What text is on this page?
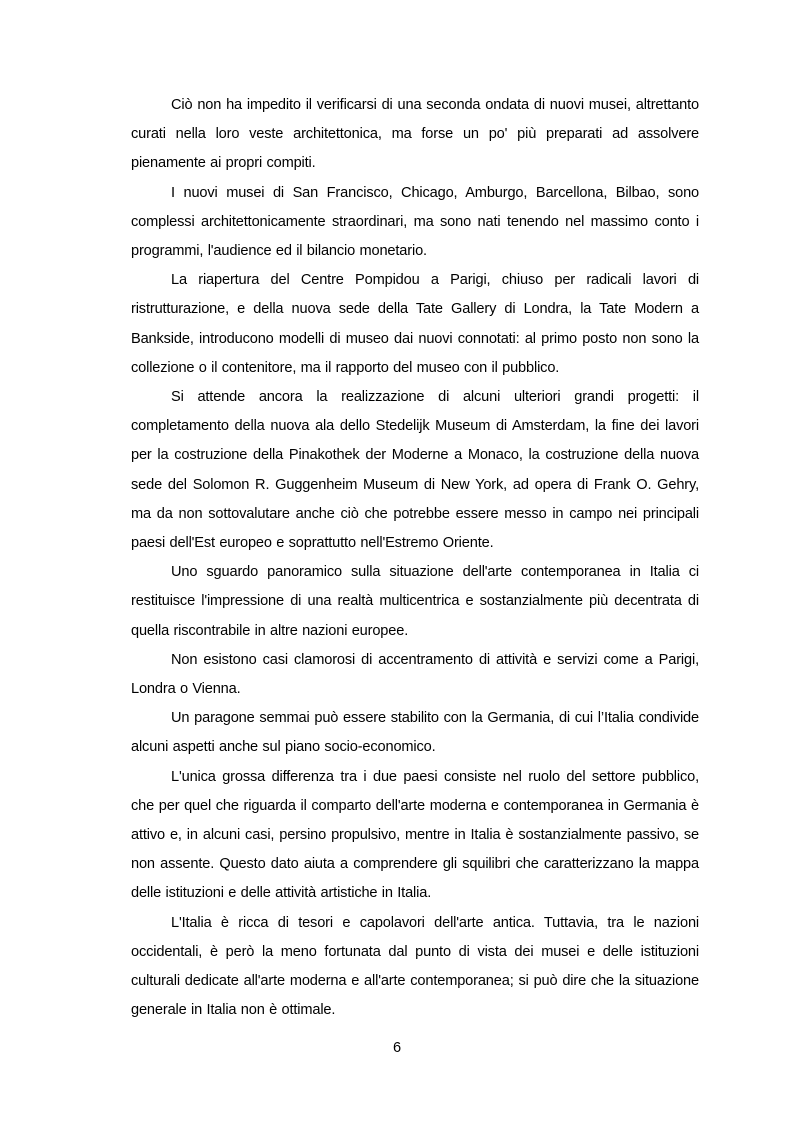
Ciò non ha impedito il verificarsi di una seconda ondata di nuovi musei, altrettanto curati nella loro veste architettonica, ma forse un po' più preparati ad assolvere pienamente ai propri compiti.

I nuovi musei di San Francisco, Chicago, Amburgo, Barcellona, Bilbao, sono complessi architettonicamente straordinari, ma sono nati tenendo nel massimo conto i programmi, l'audience ed il bilancio monetario.

La riapertura del Centre Pompidou a Parigi, chiuso per radicali lavori di ristrutturazione, e della nuova sede della Tate Gallery di Londra, la Tate Modern a Bankside, introducono modelli di museo dai nuovi connotati: al primo posto non sono la collezione o il contenitore, ma il rapporto del museo con il pubblico.

Si attende ancora la realizzazione di alcuni ulteriori grandi progetti: il completamento della nuova ala dello Stedelijk Museum di Amsterdam, la fine dei lavori per la costruzione della Pinakothek der Moderne a Monaco, la costruzione della nuova sede del Solomon R. Guggenheim Museum di New York, ad opera di Frank O. Gehry, ma da non sottovalutare anche ciò che potrebbe essere messo in campo nei principali paesi dell'Est europeo e soprattutto nell'Estremo Oriente.

Uno sguardo panoramico sulla situazione dell'arte contemporanea in Italia ci restituisce l'impressione di una realtà multicentrica e sostanzialmente più decentrata di quella riscontrabile in altre nazioni europee.

Non esistono casi clamorosi di accentramento di attività e servizi come a Parigi, Londra o Vienna.

Un paragone semmai può essere stabilito con la Germania, di cui l’Italia condivide alcuni aspetti anche sul piano socio-economico.

L'unica grossa differenza tra i due paesi consiste nel ruolo del settore pubblico, che per quel che riguarda il comparto dell'arte moderna e contemporanea in Germania è attivo e, in alcuni casi, persino propulsivo, mentre in Italia è sostanzialmente passivo, se non assente. Questo dato aiuta a comprendere gli squilibri che caratterizzano la mappa delle istituzioni e delle attività artistiche in Italia.

L'Italia è ricca di tesori e capolavori dell'arte antica. Tuttavia, tra le nazioni occidentali, è però la meno fortunata dal punto di vista dei musei e delle istituzioni culturali dedicate all'arte moderna e all'arte contemporanea; si può dire che la situazione generale in Italia non è ottimale.

6
